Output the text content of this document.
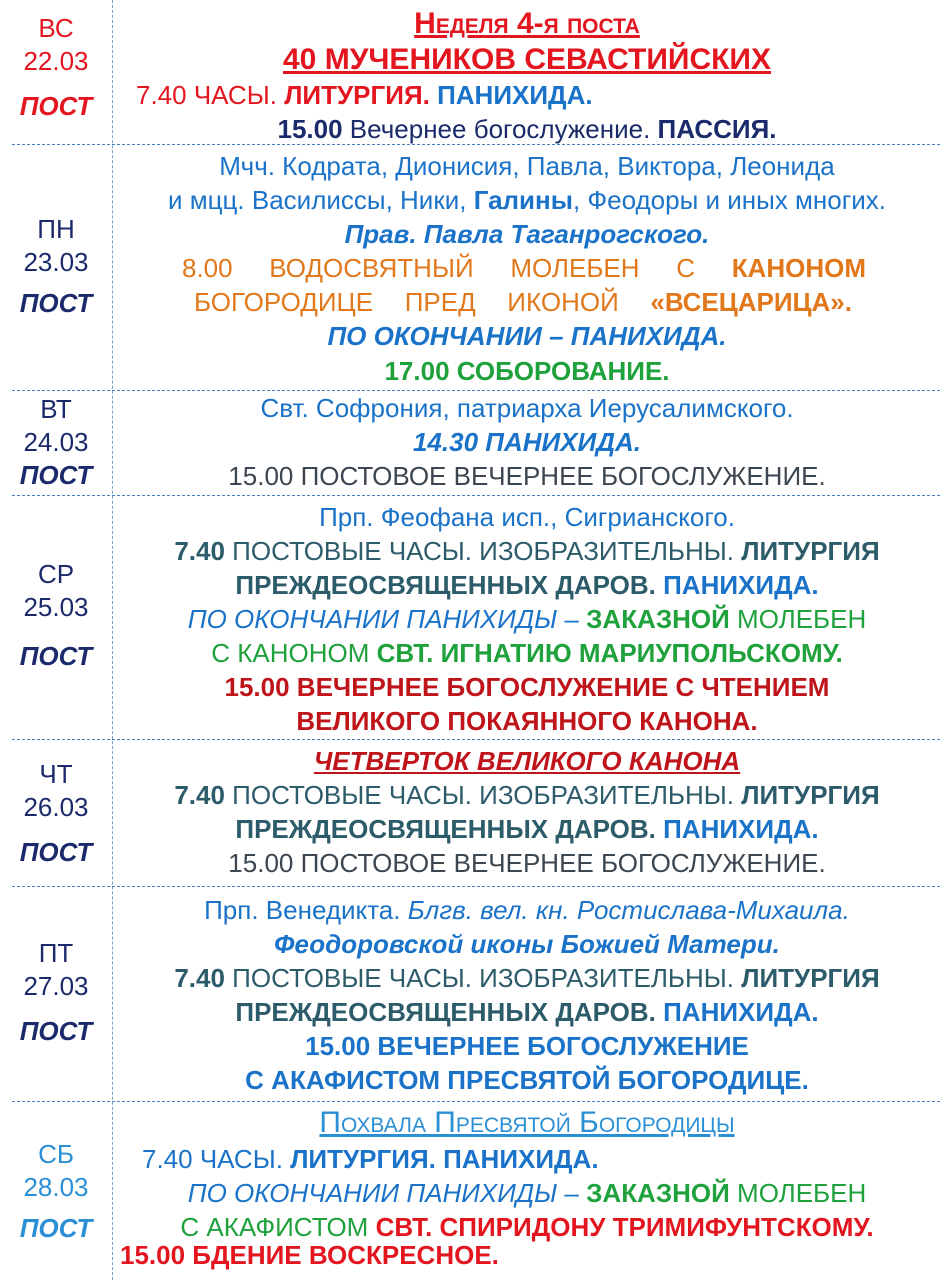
ВС
22.03
ПОСТ
Неделя 4-я поста
40 МУЧЕНИКОВ СЕВАСТИЙСКИХ
7.40 ЧАСЫ. ЛИТУРГИЯ. ПАНИХИДА.
15.00 Вечернее богослужение. ПАССИЯ.
ПН
23.03
ПОСТ
Мчч. Кодрата, Дионисия, Павла, Виктора, Леонида
и мцц. Василиссы, Ники, Галины, Феодоры и иных многих.
Прав. Павла Таганрогского.
8.00 ВОДОСВЯТНЫЙ МОЛЕБЕН С КАНОНОМ
БОГОРОДИЦЕ ПРЕД ИКОНОЙ «ВСЕЦАРИЦА».
ПО ОКОНЧАНИИ – ПАНИХИДА.
17.00 СОБОРОВАНИЕ.
ВТ
24.03
ПОСТ
Свт. Софрония, патриарха Иерусалимского.
14.30 ПАНИХИДА.
15.00 ПОСТОВОЕ ВЕЧЕРНЕЕ БОГОСЛУЖЕНИЕ.
СР
25.03
ПОСТ
Прп. Феофана исп., Сигрианского.
7.40 ПОСТОВЫЕ ЧАСЫ. ИЗОБРАЗИТЕЛЬНЫ. ЛИТУРГИЯ
ПРЕЖДЕОСВЯЩЕННЫХ ДАРОВ. ПАНИХИДА.
ПО ОКОНЧАНИИ ПАНИХИДЫ – ЗАКАЗНОЙ МОЛЕБЕН
С КАНОНОМ СВТ. ИГНАТИЮ МАРИУПОЛЬСКОМУ.
15.00 ВЕЧЕРНЕЕ БОГОСЛУЖЕНИЕ С ЧТЕНИЕМ
ВЕЛИКОГО ПОКАЯННОГО КАНОНА.
ЧТ
26.03
ПОСТ
ЧЕТВЕРТОК ВЕЛИКОГО КАНОНА
7.40 ПОСТОВЫЕ ЧАСЫ. ИЗОБРАЗИТЕЛЬНЫ. ЛИТУРГИЯ
ПРЕЖДЕОСВЯЩЕННЫХ ДАРОВ. ПАНИХИДА.
15.00 ПОСТОВОЕ ВЕЧЕРНЕЕ БОГОСЛУЖЕНИЕ.
ПТ
27.03
ПОСТ
Прп. Венедикта. Блгв. вел. кн. Ростислава-Михаила.
Феодоровской иконы Божией Матери.
7.40 ПОСТОВЫЕ ЧАСЫ. ИЗОБРАЗИТЕЛЬНЫ. ЛИТУРГИЯ
ПРЕЖДЕОСВЯЩЕННЫХ ДАРОВ. ПАНИХИДА.
15.00 ВЕЧЕРНЕЕ БОГОСЛУЖЕНИЕ
С АКАФИСТОМ ПРЕСВЯТОЙ БОГОРОДИЦЕ.
СБ
28.03
ПОСТ
Похвала Пресвятой Богородицы
7.40 ЧАСЫ. ЛИТУРГИЯ. ПАНИХИДА.
ПО ОКОНЧАНИИ ПАНИХИДЫ – ЗАКАЗНОЙ МОЛЕБЕН
С АКАФИСТОМ СВТ. СПИРИДОНУ ТРИМИФУНТСКОМУ.
15.00 БДЕНИЕ ВОСКРЕСНОЕ.
